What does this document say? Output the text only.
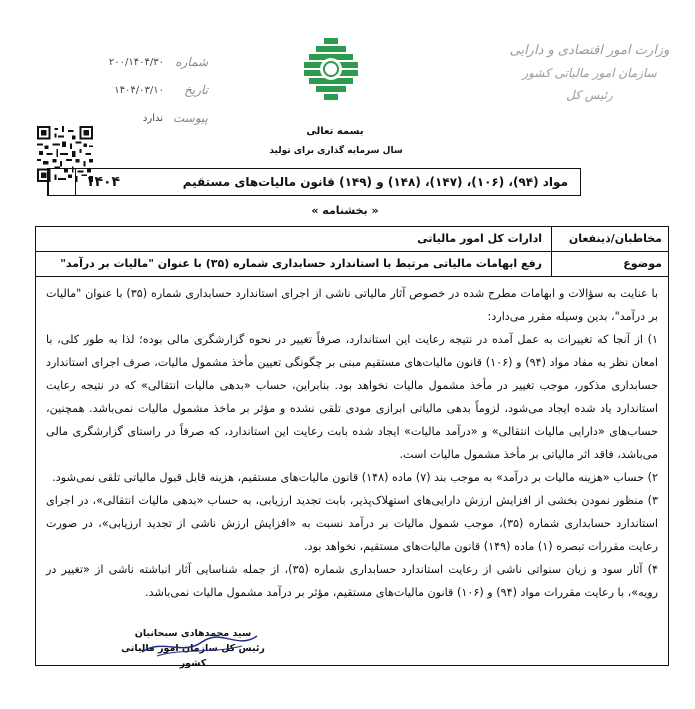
وزارت امور اقتصادی و دارایی
سازمان امور مالیاتی کشور
رئیس کل
شماره
۲۰۰/۱۴۰۴/۳۰
تاریخ
۱۴۰۴/۰۳/۱۰
پیوست
ندارد
بسمه تعالی
سال سرمایه گذاری برای تولید
مواد (۹۴)، (۱۰۶)، (۱۴۷)، (۱۴۸) و (۱۴۹) قانون مالیات‌های مستقیم
۱۴۰۴
« بخشنامه »
مخاطبان/ذینفعان
ادارات کل امور مالیاتی
موضوع
رفع ابهامات مالیاتی مرتبط با استاندارد حسابداری شماره (۳۵) با عنوان "مالیات بر درآمد"

با عنایت به سؤالات و ابهامات مطرح شده در خصوص آثار مالیاتی ناشی از اجرای استاندارد حسابداری شماره (۳۵) با عنوان "مالیات بر درآمد"، بدین وسیله مقرر می‌دارد:

۱) از آنجا که تغییرات به عمل آمده در نتیجه رعایت این استاندارد، صرفاً تغییر در نحوه گزارشگری مالی بوده؛ لذا به طور کلی، با امعان نظر به مفاد مواد (۹۴) و (۱۰۶) قانون مالیات‌های مستقیم مبنی بر چگونگی تعیین مأخذ مشمول مالیات، صرف اجرای استاندارد حسابداری مذکور، موجب تغییر در مأخذ مشمول مالیات نخواهد بود. بنابراین، حساب «بدهی مالیات انتقالی» که در نتیجه رعایت استاندارد یاد شده ایجاد می‌شود، لزوماً بدهی مالیاتی ابرازی مودی تلقی نشده و مؤثر بر ماخذ مشمول مالیات نمی‌باشد. همچنین، حساب‌های «دارایی مالیات انتقالی» و «درآمد مالیات» ایجاد شده بابت رعایت این استاندارد، که صرفاً در راستای گزارشگری مالی می‌باشد، فاقد اثر مالیاتی بر مأخذ مشمول مالیات است.

۲) حساب «هزینه مالیات بر درآمد» به موجب بند (۷) ماده (۱۴۸) قانون مالیات‌های مستقیم، هزینه قابل قبول مالیاتی تلقی نمی‌شود.

۳) منظور نمودن بخشی از افزایش ارزش دارایی‌های استهلاک‌پذیر، بابت تجدید ارزیابی، به حساب «بدهی مالیات انتقالی»، در اجرای استاندارد حسابداری شماره (۳۵)، موجب شمول مالیات بر درآمد نسبت به «افزایش ارزش ناشی از تجدید ارزیابی»، در صورت رعایت مقررات تبصره (۱) ماده (۱۴۹) قانون مالیات‌های مستقیم، نخواهد بود.

۴) آثار سود و زیان سنواتی ناشی از رعایت استاندارد حسابداری شماره (۳۵)، از جمله شناسایی آثار انباشته ناشی از «تغییر در رویه»، با رعایت مقررات مواد (۹۴) و (۱۰۶) قانون مالیات‌های مستقیم، مؤثر بر درآمد مشمول مالیات نمی‌باشد.

سید محمدهادی سبحانیان
رئیس کل سازمان امور مالیاتی کشور
